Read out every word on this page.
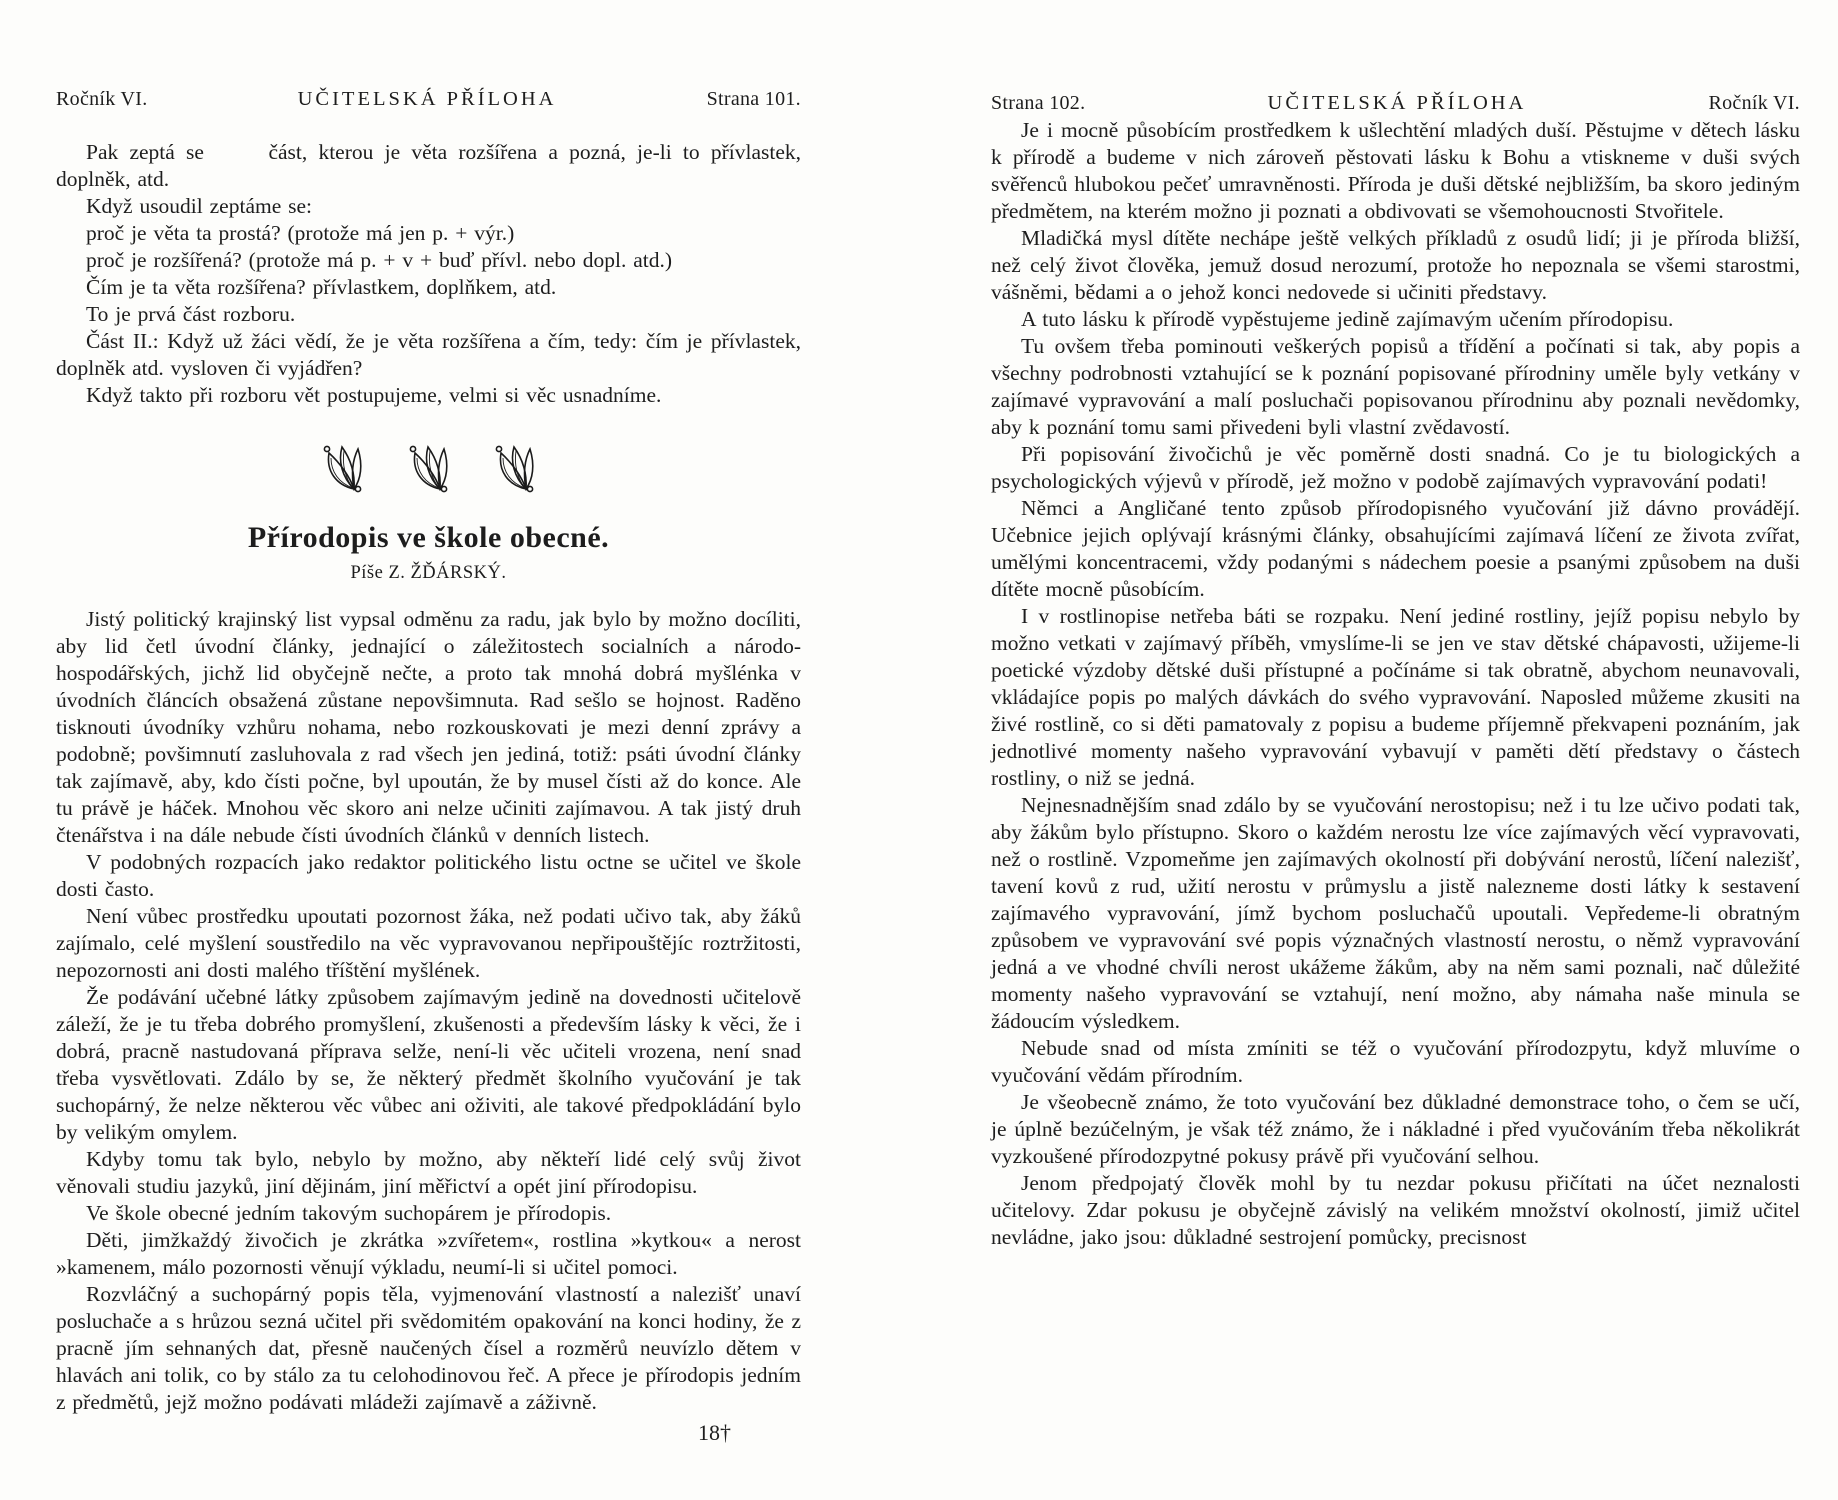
Ročník VI.	UČITELSKÁ PŘÍLOHA	Strana 101.

Pak zeptá se   část, kterou je věta rozšířena a pozná, je-li to přívlastek, doplněk, atd.

Když usoudil zeptáme se:

proč je věta ta prostá? (protože má jen p. + výr.)

proč je rozšířená? (protože má p. + v + buď přívl. nebo dopl. atd.)

Čím je ta věta rozšířena? přívlastkem, doplňkem, atd.

To je prvá část rozboru.

Část II.: Když už žáci vědí, že je věta rozšířena a čím, tedy: čím je přívlastek, doplněk atd. vysloven či vyjádřen?

Když takto při rozboru vět postupujeme, velmi si věc usnadníme.

Přírodopis ve škole obecné.
Píše Z. ŽĎÁRSKÝ.

Jistý politický krajinský list vypsal odměnu za radu, jak bylo by možno docíliti, aby lid četl úvodní články, jednající o záležitostech socialních a národo-hospodářských, jichž lid obyčejně nečte, a proto tak mnohá dobrá myšlénka v úvodních článcích obsažená zůstane nepovšimnuta. Rad sešlo se hojnost. Raděno tisknouti úvodníky vzhůru nohama, nebo rozkouskovati je mezi denní zprávy a podobně; povšimnutí zasluhovala z rad všech jen jediná, totiž: psáti úvodní články tak zajímavě, aby, kdo čísti počne, byl upoután, že by musel čísti až do konce. Ale tu právě je háček. Mnohou věc skoro ani nelze učiniti zajímavou. A tak jistý druh čtenářstva i na dále nebude čísti úvodních článků v denních listech.

V podobných rozpacích jako redaktor politického listu octne se učitel ve škole dosti často.

Není vůbec prostředku upoutati pozornost žáka, než podati učivo tak, aby žáků zajímalo, celé myšlení soustředilo na věc vypravovanou nepřipouštějíc roztržitosti, nepozornosti ani dosti malého tříštění myšlének.

Že podávání učebné látky způsobem zajímavým jedině na dovednosti učitelově záleží, že je tu třeba dobrého promyšlení, zkušenosti a především lásky k věci, že i dobrá, pracně nastudovaná příprava selže, není-li věc učiteli vrozena, není snad třeba vysvětlovati. Zdálo by se, že některý předmět školního vyučování je tak suchopárný, že nelze některou věc vůbec ani oživiti, ale takové předpokládání bylo by velikým omylem.

Kdyby tomu tak bylo, nebylo by možno, aby někteří lidé celý svůj život věnovali studiu jazyků, jiní dějinám, jiní měřictví a opét jiní přírodopisu.

Ve škole obecné jedním takovým suchopárem je přírodopis.

Děti, jimžkaždý živočich je zkrátka »zvířetem«, rostlina »kytkou« a nerost »kamenem, málo pozornosti věnují výkladu, neumí-li si učitel pomoci.

Rozvláčný a suchopárný popis těla, vyjmenování vlastností a nalezišť unaví posluchače a s hrůzou sezná učitel při svědomitém opakování na konci hodiny, že z pracně jím sehnaných dat, přesně naučených čísel a rozměrů neuvízlo dětem v hlavách ani tolik, co by stálo za tu celohodinovou řeč. A přece je přírodopis jedním z předmětů, jejž možno podávati mládeži zajímavě a záživně.

18†
Strana 102.	UČITELSKÁ PŘÍLOHA	Ročník VI.

Je i mocně působícím prostředkem k ušlechtění mladých duší. Pěstujme v dětech lásku k přírodě a budeme v nich zároveň pěstovati lásku k Bohu a vtiskneme v duši svých svěřenců hlubokou pečeť umravněnosti. Příroda je duši dětské nejbližším, ba skoro jediným předmětem, na kterém možno ji poznati a obdivovati se všemohoucnosti Stvořitele.

Mladičká mysl dítěte nechápe ještě velkých příkladů z osudů lidí; ji je příroda bližší, než celý život člověka, jemuž dosud nerozumí, protože ho nepoznala se všemi starostmi, vášněmi, bědami a o jehož konci nedovede si učiniti představy.

A tuto lásku k přírodě vypěstujeme jedině zajímavým učením přírodopisu.

Tu ovšem třeba pominouti veškerých popisů a třídění a počínati si tak, aby popis a všechny podrobnosti vztahující se k poznání popisované přírodniny uměle byly vetkány v zajímavé vypravování a malí posluchači popisovanou přírodninu aby poznali nevědomky, aby k poznání tomu sami přivedeni byli vlastní zvědavostí.

Při popisování živočichů je věc poměrně dosti snadná. Co je tu biologických a psychologických výjevů v přírodě, jež možno v podobě zajímavých vypravování podati!

Němci a Angličané tento způsob přírodopisného vyučování již dávno provádějí. Učebnice jejich oplývají krásnými články, obsahujícími zajímavá líčení ze života zvířat, umělými koncentracemi, vždy podanými s nádechem poesie a psanými způsobem na duši dítěte mocně působícím.

I v rostlinopise netřeba báti se rozpaku. Není jediné rostliny, jejíž popisu nebylo by možno vetkati v zajímavý příběh, vmyslíme-li se jen ve stav dětské chápavosti, užijeme-li poetické výzdoby dětské duši přístupné a počínáme si tak obratně, abychom neunavovali, vkládajíce popis po malých dávkách do svého vypravování. Naposled můžeme zkusiti na živé rostlině, co si děti pamatovaly z popisu a budeme příjemně překvapeni poznáním, jak jednotlivé momenty našeho vypravování vybavují v paměti dětí představy o částech rostliny, o niž se jedná.

Nejnesnadnějším snad zdálo by se vyučování nerostopisu; než i tu lze učivo podati tak, aby žákům bylo přístupno. Skoro o každém nerostu lze více zajímavých věcí vypravovati, než o rostlině. Vzpomeňme jen zajímavých okolností při dobývání nerostů, líčení nalezišť, tavení kovů z rud, užití nerostu v průmyslu a jistě nalezneme dosti látky k sestavení zajímavého vypravování, jímž bychom posluchačů upoutali. Vepředeme-li obratným způsobem ve vypravování své popis význačných vlastností nerostu, o němž vypravování jedná a ve vhodné chvíli nerost ukážeme žákům, aby na něm sami poznali, nač důležité momenty našeho vypravování se vztahují, není možno, aby námaha naše minula se žádoucím výsledkem.

Nebude snad od místa zmíniti se též o vyučování přírodozpytu, když mluvíme o vyučování vědám přírodním.

Je všeobecně známo, že toto vyučování bez důkladné demonstrace toho, o čem se učí, je úplně bezúčelným, je však též známo, že i nákladné i před vyučováním třeba několikrát vyzkoušené přírodozpytné pokusy právě při vyučování selhou.

Jenom předpojatý člověk mohl by tu nezdar pokusu přičítati na účet neznalosti učitelovy. Zdar pokusu je obyčejně závislý na velikém množství okolností, jimiž učitel nevládne, jako jsou: důkladné sestrojení pomůcky, precisnost
